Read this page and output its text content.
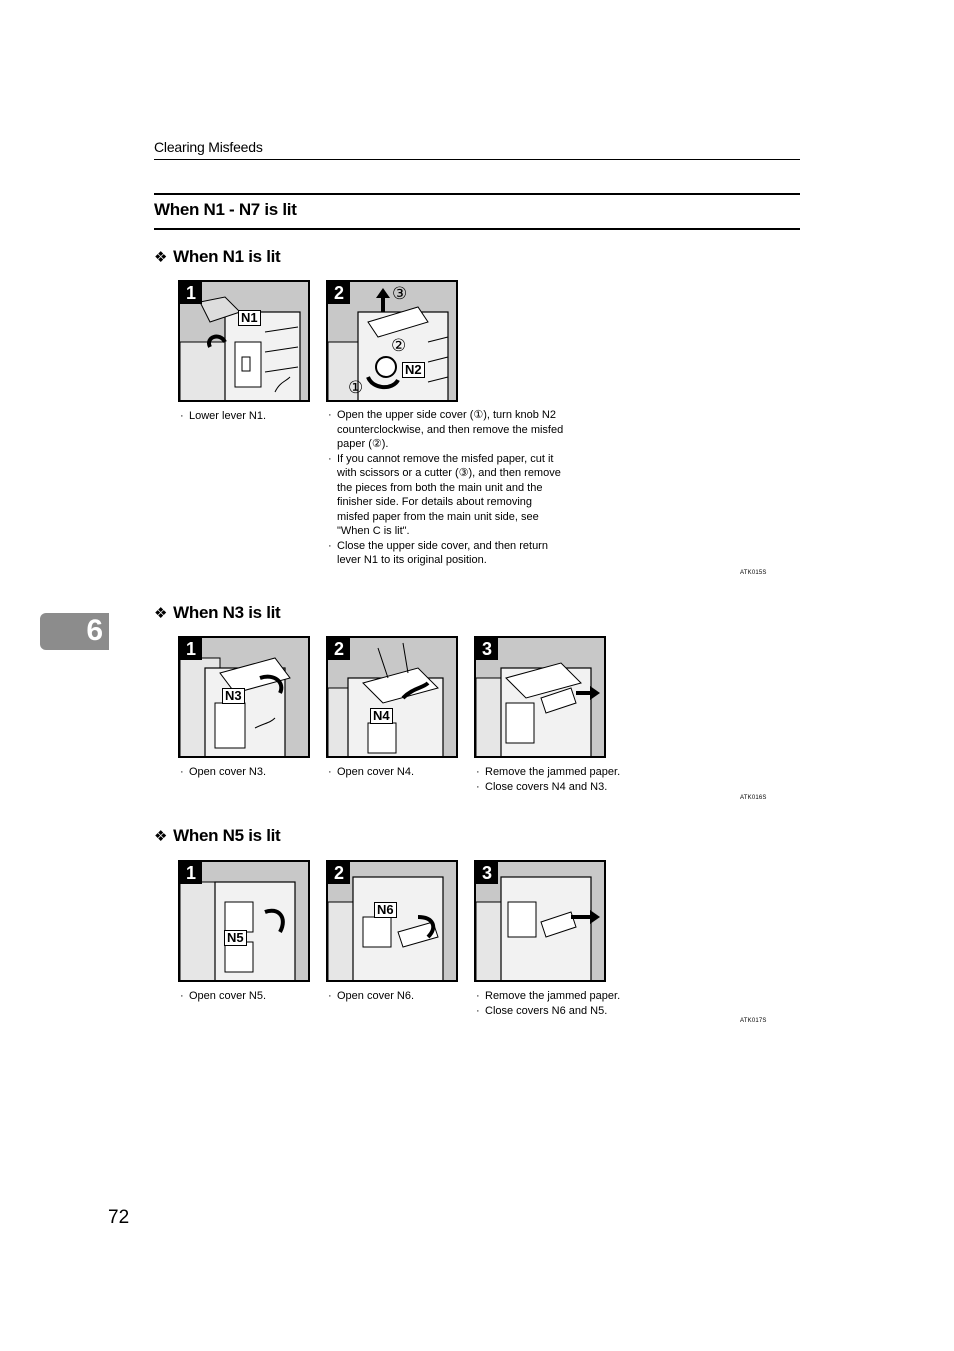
Clearing Misfeeds
When N1 - N7 is lit
6
❖ When N1 is lit
1
N1
2
N2
①
②
③
· Lower lever N1.	· Open the upper side cover (①), turn knob N2 counterclockwise, and then remove the misfed paper (②).
· If you cannot remove the misfed paper, cut it with scissors or a cutter (③), and then remove the pieces from both the main unit and the finisher side. For details about removing misfed paper from the main unit side, see "When C is lit".
· Close the upper side cover, and then return lever N1 to its original position.
ATK015S
❖ When N3 is lit
1
N3
2
N4
3
· Open cover N3.	· Open cover N4.	· Remove the jammed paper.
· Close covers N4 and N3.
ATK016S
❖ When N5 is lit
1
N5
2
N6
3
· Open cover N5.	· Open cover N6.	· Remove the jammed paper.
· Close covers N6 and N5.
ATK017S
72
